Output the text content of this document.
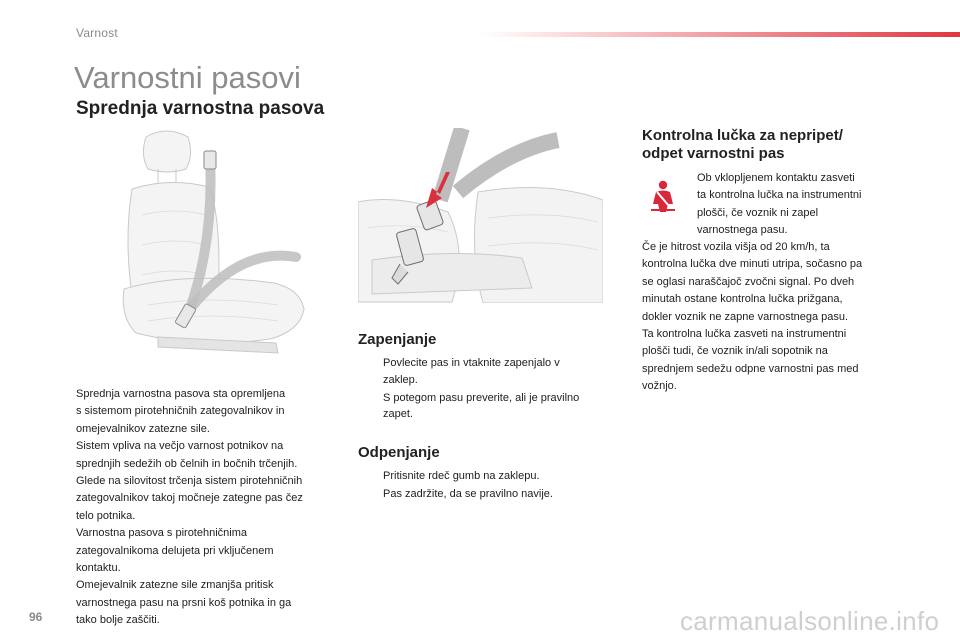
Varnost
Varnostni pasovi
Sprednja varnostna pasova

Sprednja varnostna pasova sta opremljena
s sistemom pirotehničnih zategovalnikov in
omejevalnikov zatezne sile.
Sistem vpliva na večjo varnost potnikov na
sprednjih sedežih ob čelnih in bočnih trčenjih.
Glede na silovitost trčenja sistem pirotehničnih
zategovalnikov takoj močneje zategne pas čez
telo potnika.
Varnostna pasova s pirotehničnima
zategovalnikoma delujeta pri vključenem
kontaktu.
Omejevalnik zatezne sile zmanjša pritisk
varnostnega pasu na prsni koš potnika in ga
tako bolje zaščiti.

Zapenjanje
Povlecite pas in vtaknite zapenjalo v
zaklep.
S potegom pasu preverite, ali je pravilno
zapet.
Odpenjanje
Pritisnite rdeč gumb na zaklepu.
Pas zadržite, da se pravilno navije.
Kontrolna lučka za nepripet/
odpet varnostni pas

Ob vklopljenem kontaktu zasveti
ta kontrolna lučka na instrumentni
plošči, če voznik ni zapel
varnostnega pasu.

Če je hitrost vozila višja od 20 km/h, ta
kontrolna lučka dve minuti utripa, sočasno pa
se oglasi naraščajoč zvočni signal. Po dveh
minutah ostane kontrolna lučka prižgana,
dokler voznik ne zapne varnostnega pasu.
Ta kontrolna lučka zasveti na instrumentni
plošči tudi, če voznik in/ali sopotnik na
sprednjem sedežu odpne varnostni pas med
vožnjo.

96	carmanualsonline.info
